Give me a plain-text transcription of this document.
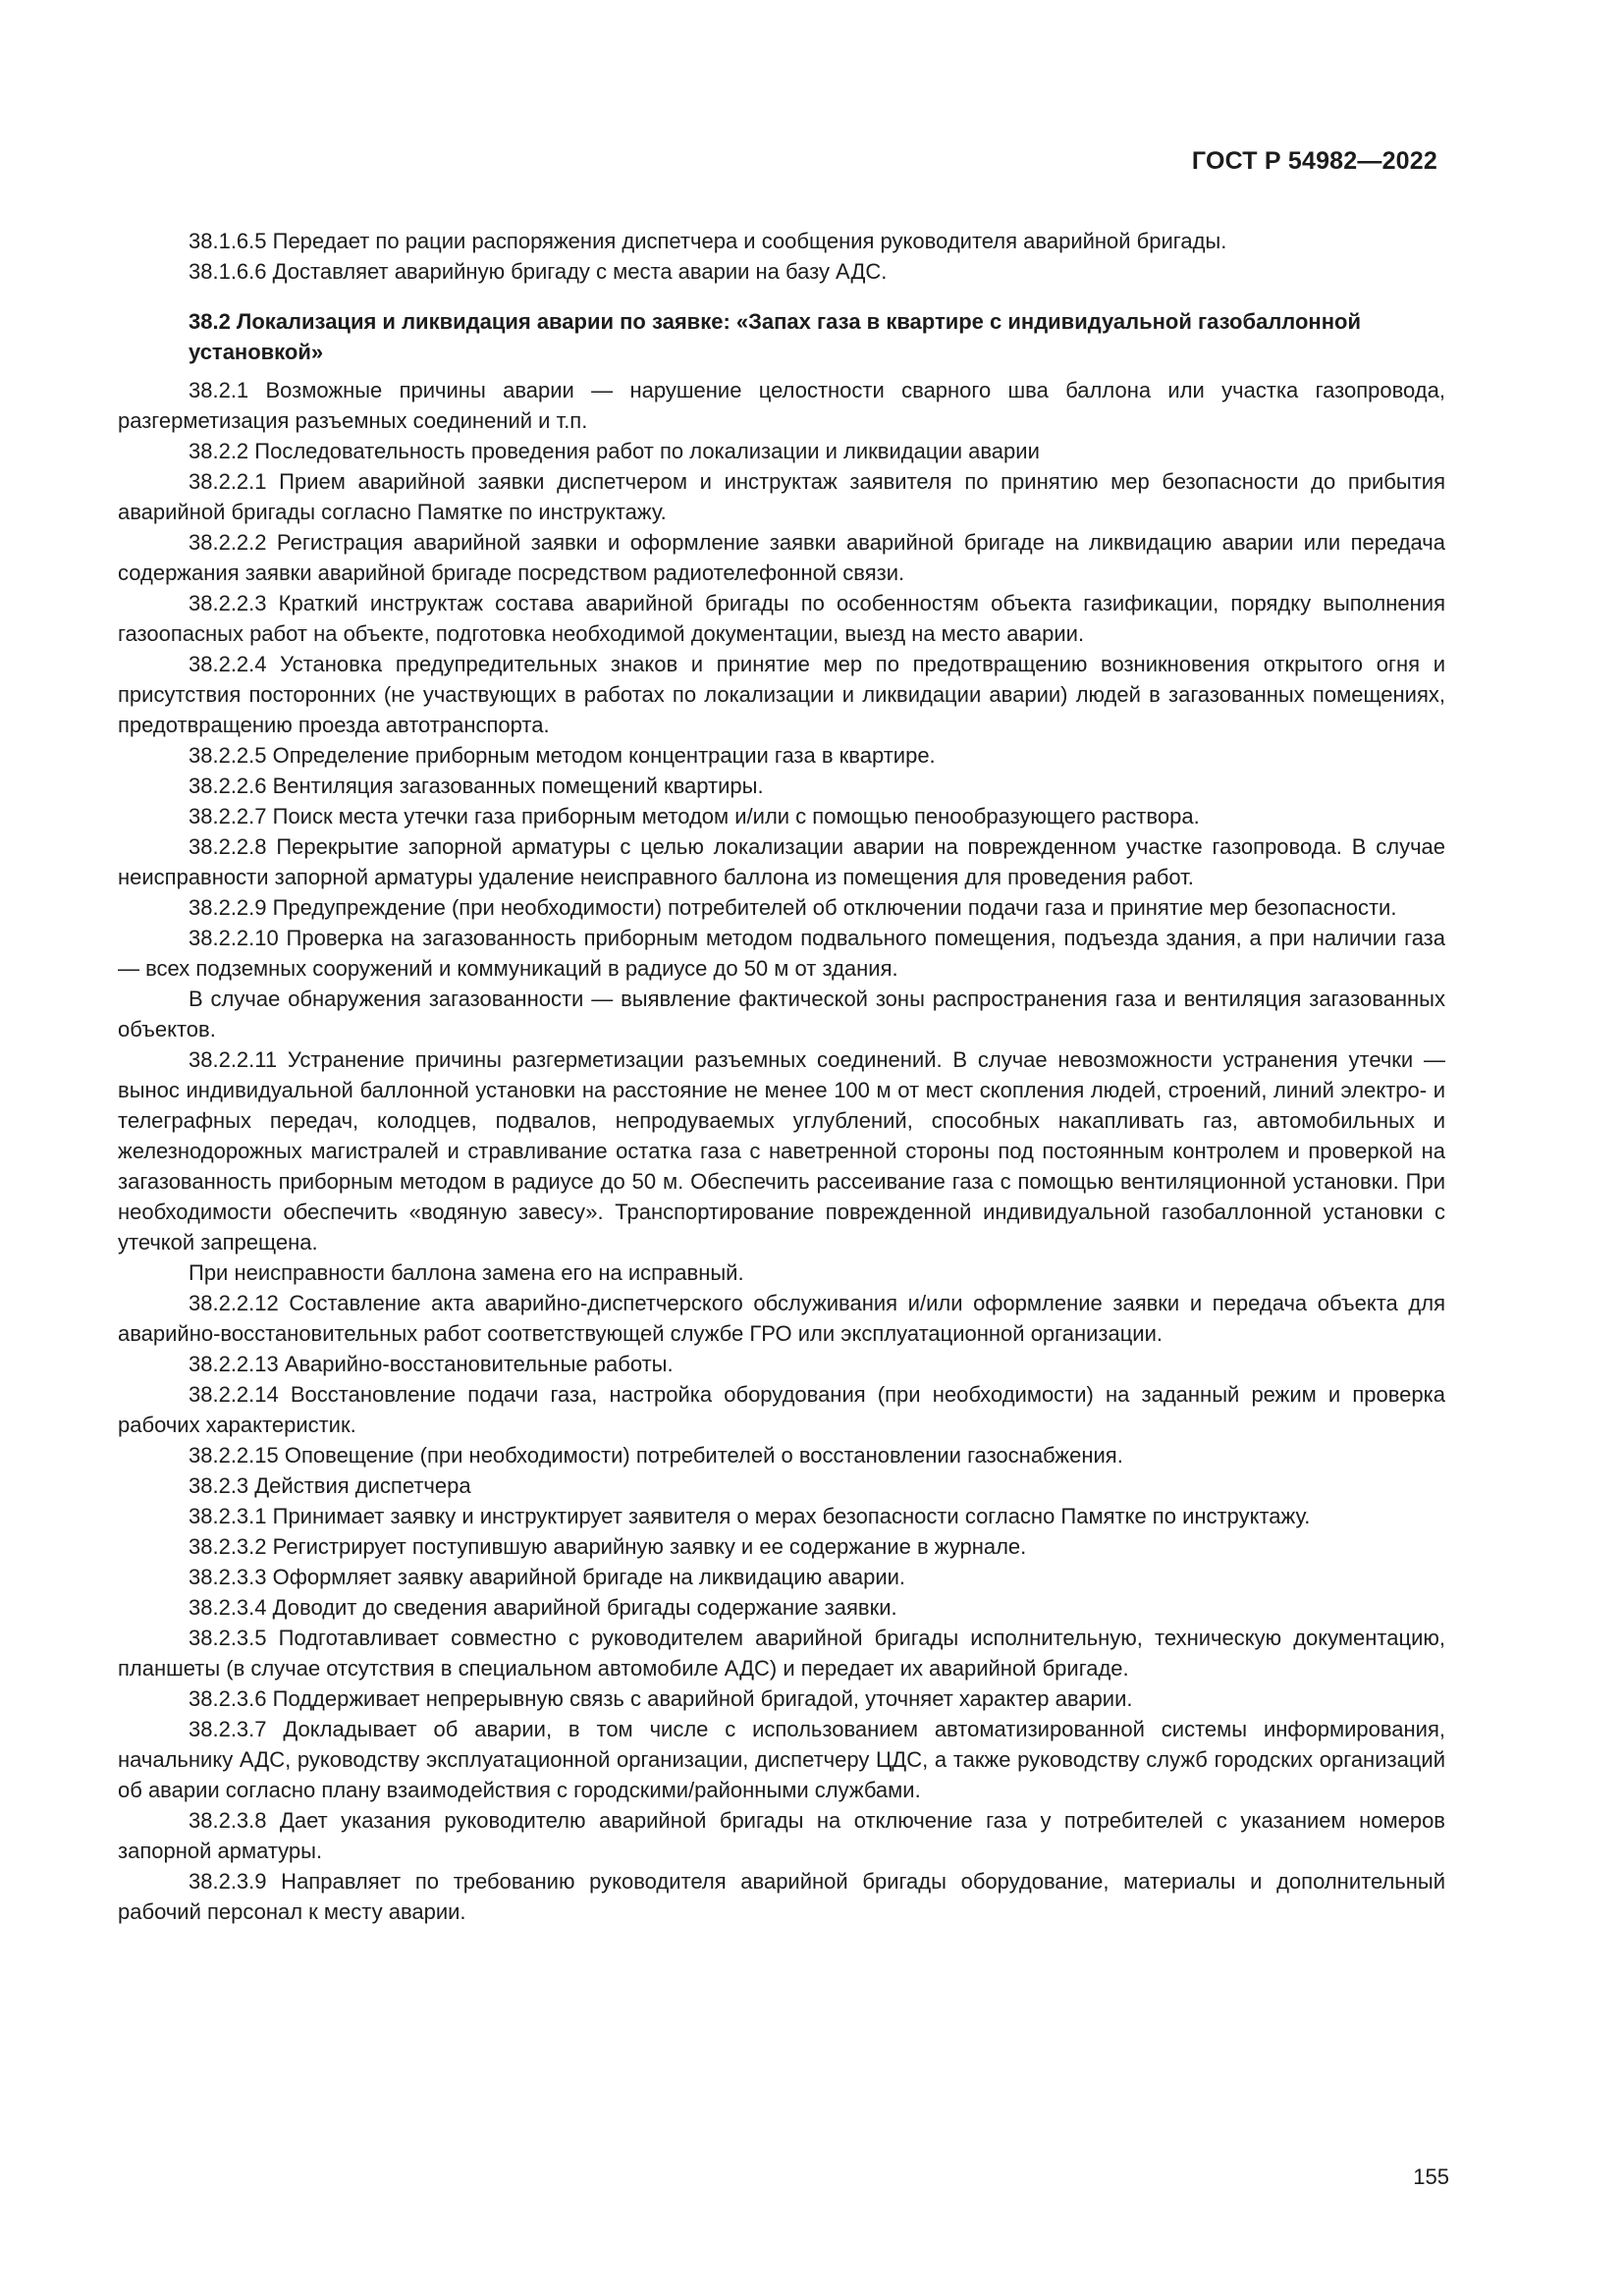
ГОСТ Р 54982—2022

38.1.6.5 Передает по рации распоряжения диспетчера и сообщения руководителя аварийной бригады.

38.1.6.6 Доставляет аварийную бригаду с места аварии на базу АДС.

38.2 Локализация и ликвидация аварии по заявке: «Запах газа в квартире с индивидуальной газобаллонной установкой»

38.2.1 Возможные причины аварии — нарушение целостности сварного шва баллона или участка газопровода, разгерметизация разъемных соединений и т.п.

38.2.2 Последовательность проведения работ по локализации и ликвидации аварии

38.2.2.1 Прием аварийной заявки диспетчером и инструктаж заявителя по принятию мер безопасности до прибытия аварийной бригады согласно Памятке по инструктажу.

38.2.2.2 Регистрация аварийной заявки и оформление заявки аварийной бригаде на ликвидацию аварии или передача содержания заявки аварийной бригаде посредством радиотелефонной связи.

38.2.2.3 Краткий инструктаж состава аварийной бригады по особенностям объекта газификации, порядку выполнения газоопасных работ на объекте, подготовка необходимой документации, выезд на место аварии.

38.2.2.4 Установка предупредительных знаков и принятие мер по предотвращению возникновения открытого огня и присутствия посторонних (не участвующих в работах по локализации и ликвидации аварии) людей в загазованных помещениях, предотвращению проезда автотранспорта.

38.2.2.5 Определение приборным методом концентрации газа в квартире.

38.2.2.6 Вентиляция загазованных помещений квартиры.

38.2.2.7 Поиск места утечки газа приборным методом и/или с помощью пенообразующего раствора.

38.2.2.8 Перекрытие запорной арматуры с целью локализации аварии на поврежденном участке газопровода. В случае неисправности запорной арматуры удаление неисправного баллона из помещения для проведения работ.

38.2.2.9 Предупреждение (при необходимости) потребителей об отключении подачи газа и принятие мер безопасности.

38.2.2.10 Проверка на загазованность приборным методом подвального помещения, подъезда здания, а при наличии газа — всех подземных сооружений и коммуникаций в радиусе до 50 м от здания.

В случае обнаружения загазованности — выявление фактической зоны распространения газа и вентиляция загазованных объектов.

38.2.2.11 Устранение причины разгерметизации разъемных соединений. В случае невозможности устранения утечки — вынос индивидуальной баллонной установки на расстояние не менее 100 м от мест скопления людей, строений, линий электро- и телеграфных передач, колодцев, подвалов, непродуваемых углублений, способных накапливать газ, автомобильных и железнодорожных магистралей и стравливание остатка газа с наветренной стороны под постоянным контролем и проверкой на загазованность приборным методом в радиусе до 50 м. Обеспечить рассеивание газа с помощью вентиляционной установки. При необходимости обеспечить «водяную завесу». Транспортирование поврежденной индивидуальной газобаллонной установки с утечкой запрещена.

При неисправности баллона замена его на исправный.

38.2.2.12 Составление акта аварийно-диспетчерского обслуживания и/или оформление заявки и передача объекта для аварийно-восстановительных работ соответствующей службе ГРО или эксплуатационной организации.

38.2.2.13 Аварийно-восстановительные работы.

38.2.2.14 Восстановление подачи газа, настройка оборудования (при необходимости) на заданный режим и проверка рабочих характеристик.

38.2.2.15 Оповещение (при необходимости) потребителей о восстановлении газоснабжения.

38.2.3 Действия диспетчера

38.2.3.1 Принимает заявку и инструктирует заявителя о мерах безопасности согласно Памятке по инструктажу.

38.2.3.2 Регистрирует поступившую аварийную заявку и ее содержание в журнале.

38.2.3.3 Оформляет заявку аварийной бригаде на ликвидацию аварии.

38.2.3.4 Доводит до сведения аварийной бригады содержание заявки.

38.2.3.5 Подготавливает совместно с руководителем аварийной бригады исполнительную, техническую документацию, планшеты (в случае отсутствия в специальном автомобиле АДС) и передает их аварийной бригаде.

38.2.3.6 Поддерживает непрерывную связь с аварийной бригадой, уточняет характер аварии.

38.2.3.7 Докладывает об аварии, в том числе с использованием автоматизированной системы информирования, начальнику АДС, руководству эксплуатационной организации, диспетчеру ЦДС, а также руководству служб городских организаций об аварии согласно плану взаимодействия с городскими/районными службами.

38.2.3.8 Дает указания руководителю аварийной бригады на отключение газа у потребителей с указанием номеров запорной арматуры.

38.2.3.9 Направляет по требованию руководителя аварийной бригады оборудование, материалы и дополнительный рабочий персонал к месту аварии.

155
